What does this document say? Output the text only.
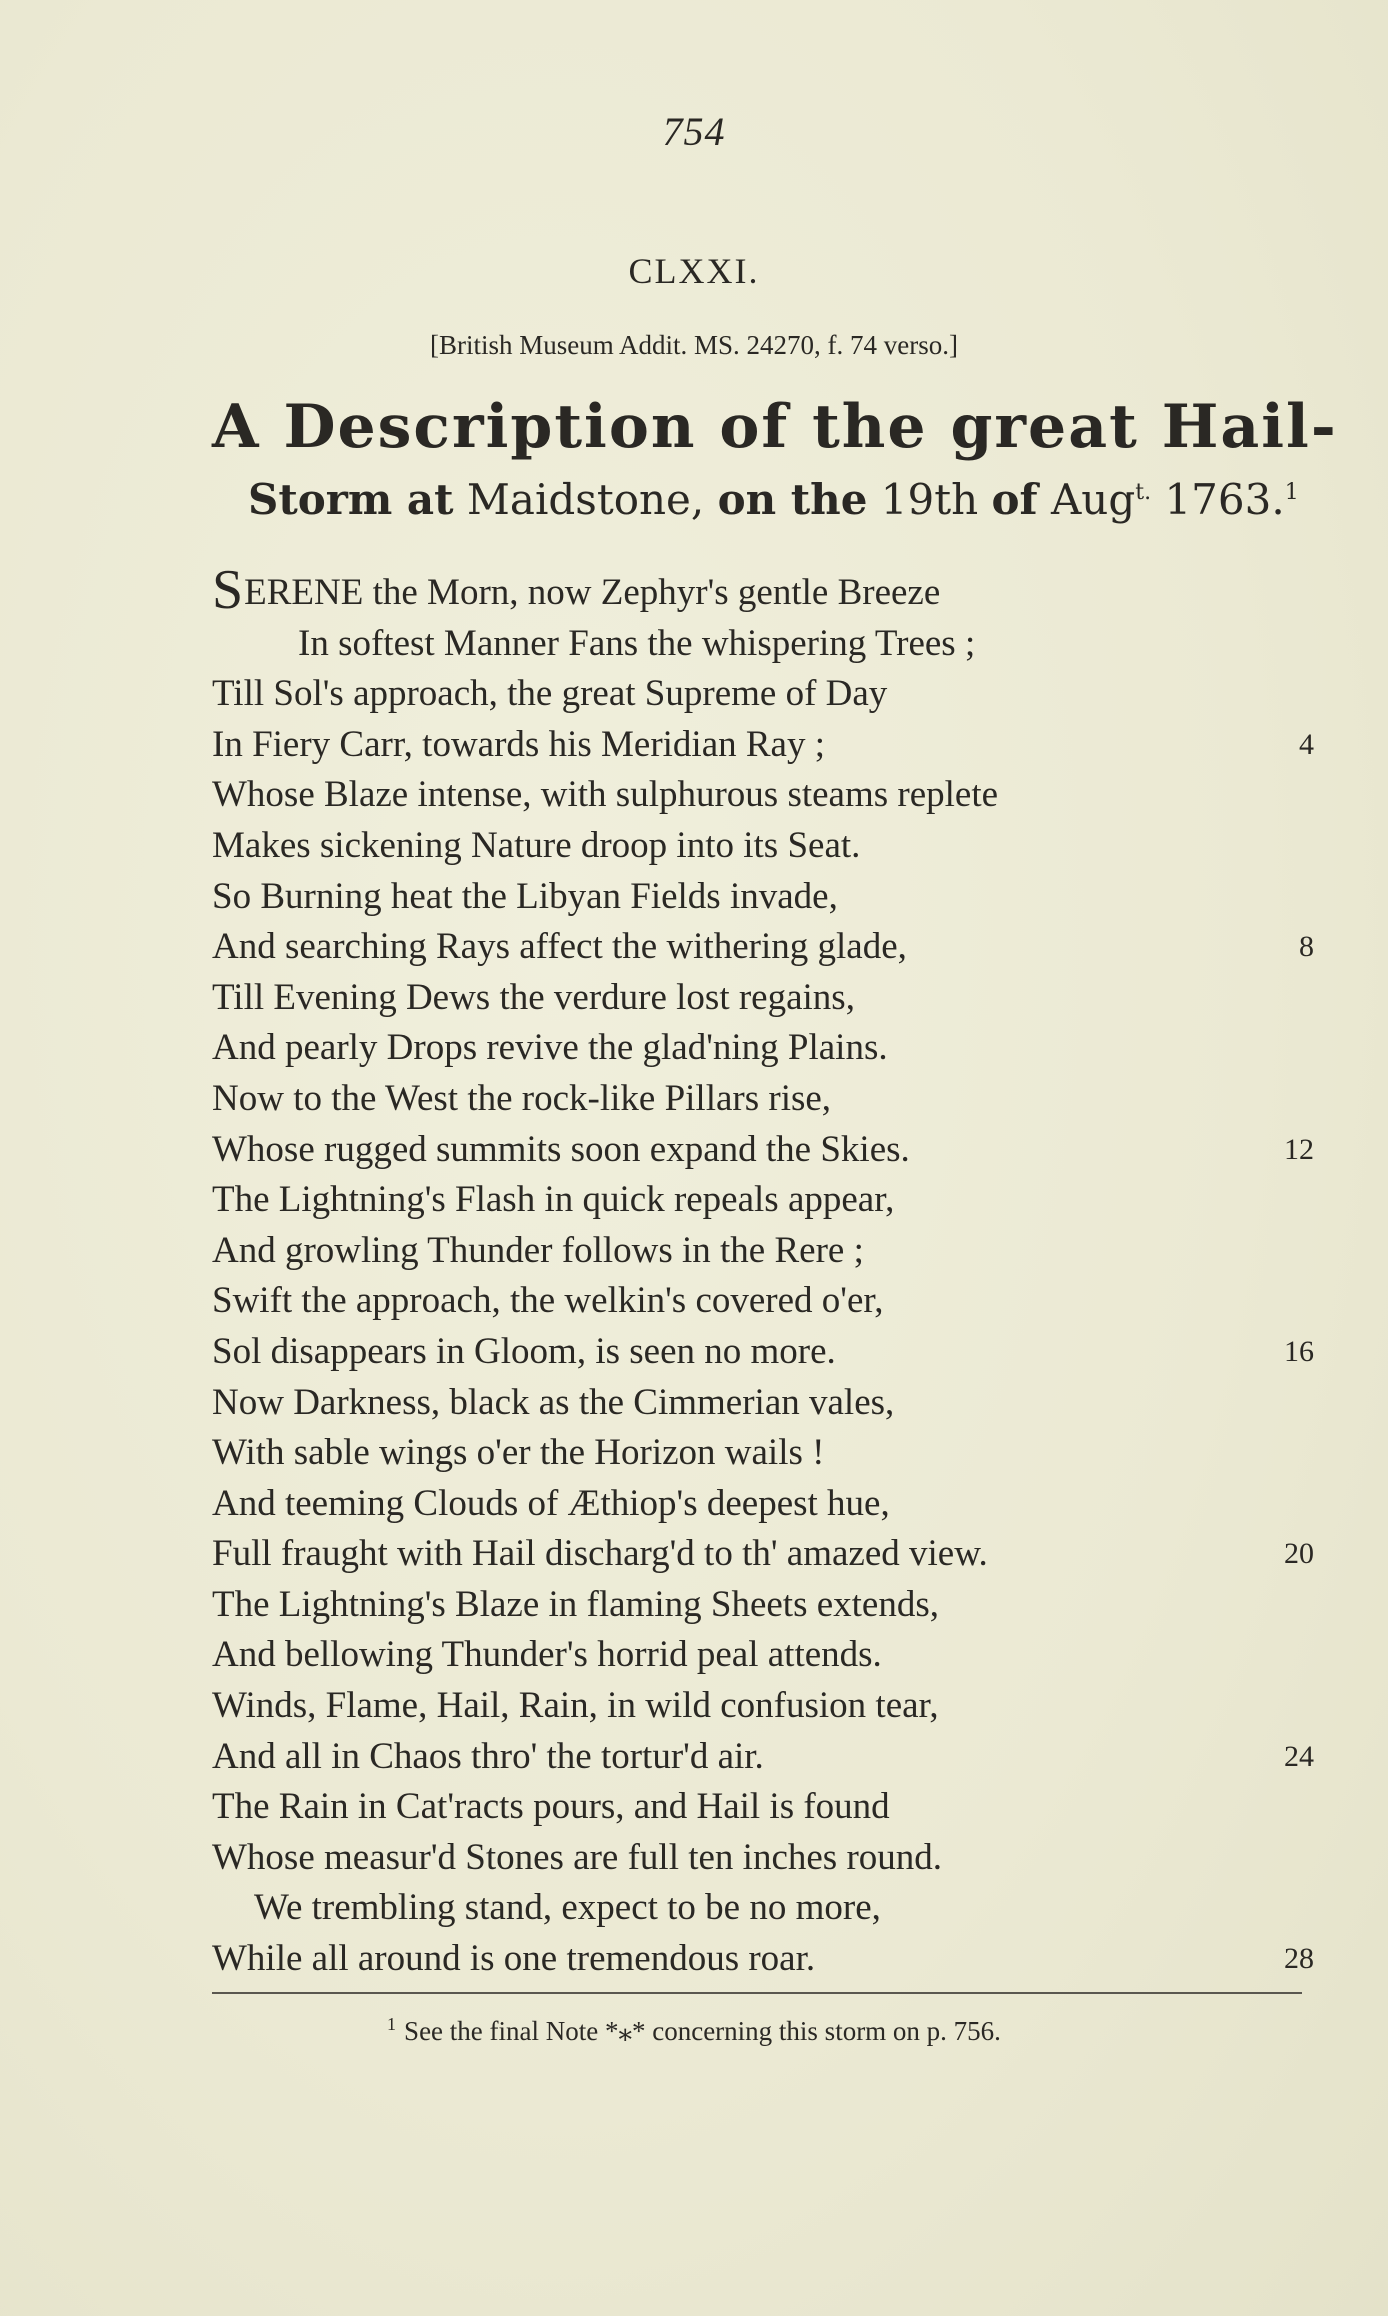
754
CLXXI.
[British Museum Addit. MS. 24270, f. 74 verso.]
A Description of the great Hail-
Storm at Maidstone, on the 19th of Aug$^{t.}$ 1763.$^1$
SERENE the Morn, now Zephyr's gentle Breeze
In softest Manner Fans the whispering Trees ;
Till Sol's approach, the great Supreme of Day
In Fiery Carr, towards his Meridian Ray ;	4
Whose Blaze intense, with sulphurous steams replete
Makes sickening Nature droop into its Seat.
So Burning heat the Libyan Fields invade,
And searching Rays affect the withering glade,	8
Till Evening Dews the verdure lost regains,
And pearly Drops revive the glad'ning Plains.
Now to the West the rock-like Pillars rise,
Whose rugged summits soon expand the Skies.	12
The Lightning's Flash in quick repeals appear,
And growling Thunder follows in the Rere ;
Swift the approach, the welkin's covered o'er,
Sol disappears in Gloom, is seen no more.	16
Now Darkness, black as the Cimmerian vales,
With sable wings o'er the Horizon wails !
And teeming Clouds of Æthiop's deepest hue,
Full fraught with Hail discharg'd to th' amazed view.	20
The Lightning's Blaze in flaming Sheets extends,
And bellowing Thunder's horrid peal attends.
Winds, Flame, Hail, Rain, in wild confusion tear,
And all in Chaos thro' the tortur'd air.	24
The Rain in Cat'racts pours, and Hail is found
Whose measur'd Stones are full ten inches round.
We trembling stand, expect to be no more,
While all around is one tremendous roar.	28
$^1$ See the final Note *⁎* concerning this storm on p. 756.
